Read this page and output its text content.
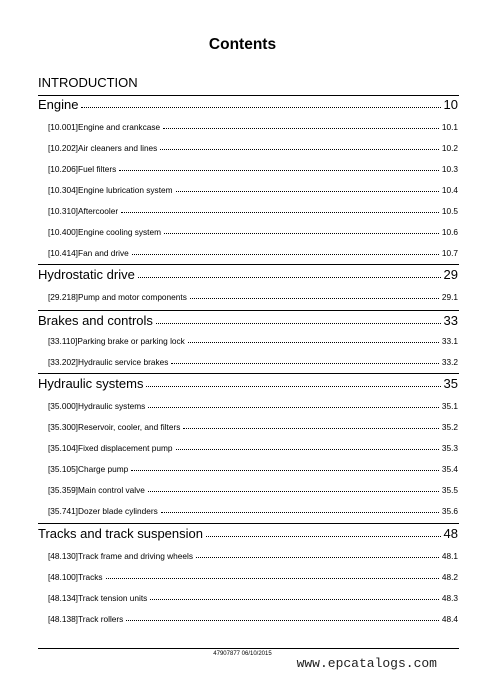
Contents
INTRODUCTION
Engine	10
[10.001] Engine and crankcase	10.1
[10.202] Air cleaners and lines	10.2
[10.206] Fuel filters	10.3
[10.304] Engine lubrication system	10.4
[10.310] Aftercooler	10.5
[10.400] Engine cooling system	10.6
[10.414] Fan and drive	10.7
Hydrostatic drive	29
[29.218] Pump and motor components	29.1
Brakes and controls	33
[33.110] Parking brake or parking lock	33.1
[33.202] Hydraulic service brakes	33.2
Hydraulic systems	35
[35.000] Hydraulic systems	35.1
[35.300] Reservoir, cooler, and filters	35.2
[35.104] Fixed displacement pump	35.3
[35.105] Charge pump	35.4
[35.359] Main control valve	35.5
[35.741] Dozer blade cylinders	35.6
Tracks and track suspension	48
[48.130] Track frame and driving wheels	48.1
[48.100] Tracks	48.2
[48.134] Track tension units	48.3
[48.138] Track rollers	48.4
47907877 06/10/2015
www.epcatalogs.com
